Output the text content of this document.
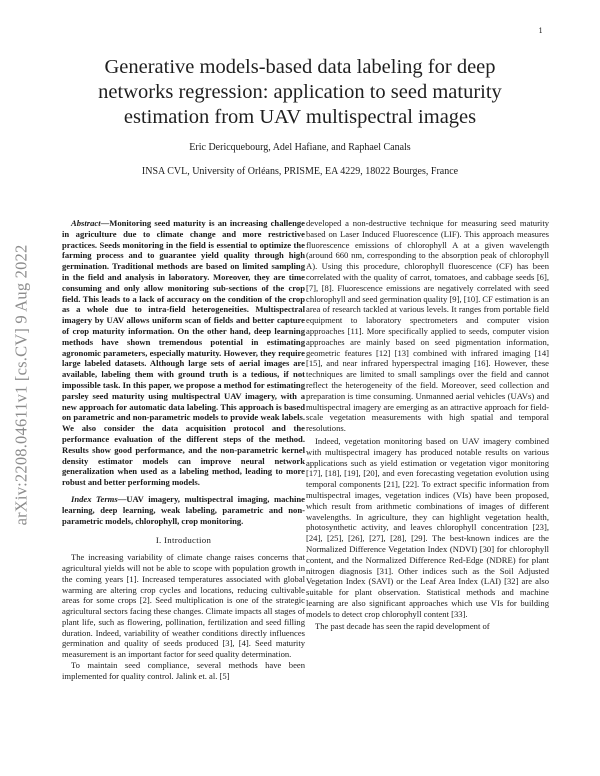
1
arXiv:2208.04611v1 [cs.CV] 9 Aug 2022
Generative models-based data labeling for deep
networks regression: application to seed maturity
estimation from UAV multispectral images
Eric Dericquebourg, Adel Hafiane, and Raphael Canals
INSA CVL, University of Orléans, PRISME, EA 4229, 18022 Bourges, France

Abstract—Monitoring seed maturity is an increasing challenge in agriculture due to climate change and more restrictive practices. Seeds monitoring in the field is essential to optimize the farming process and to guarantee yield quality through high germination. Traditional methods are based on limited sampling in the field and analysis in laboratory. Moreover, they are time consuming and only allow monitoring sub-sections of the crop field. This leads to a lack of accuracy on the condition of the crop as a whole due to intra-field heterogeneities. Multispectral imagery by UAV allows uniform scan of fields and better capture of crop maturity information. On the other hand, deep learning methods have shown tremendous potential in estimating agronomic parameters, especially maturity. However, they require large labeled datasets. Although large sets of aerial images are available, labeling them with ground truth is a tedious, if not impossible task. In this paper, we propose a method for estimating parsley seed maturity using multispectral UAV imagery, with a new approach for automatic data labeling. This approach is based on parametric and non-parametric models to provide weak labels. We also consider the data acquisition protocol and the performance evaluation of the different steps of the method. Results show good performance, and the non-parametric kernel density estimator models can improve neural network generalization when used as a labeling method, leading to more robust and better performing models.

Index Terms—UAV imagery, multispectral imaging, machine learning, deep learning, weak labeling, parametric and non-parametric models, chlorophyll, crop monitoring.

I. Introduction

The increasing variability of climate change raises concerns that agricultural yields will not be able to scope with population growth in the coming years [1]. Increased temperatures associated with global warming are altering crop cycles and locations, reducing cultivable areas for some crops [2]. Seed multiplication is one of the strategic agricultural sectors facing these changes. Climate impacts all stages of plant life, such as flowering, pollination, fertilization and seed filling duration. Indeed, variability of weather conditions directly influences germination and quality of seeds produced [3], [4]. Seed maturity measurement is an important factor for seed quality determination.

To maintain seed compliance, several methods have been implemented for quality control. Jalink et. al. [5]

developed a non-destructive technique for measuring seed maturity based on Laser Induced Fluorescence (LIF). This approach measures fluorescence emissions of chlorophyll A at a given wavelength (around 660 nm, corresponding to the absorption peak of chlorophyll A). Using this procedure, chlorophyll fluorescence (CF) has been correlated with the quality of carrot, tomatoes, and cabbage seeds [6], [7], [8]. Fluorescence emissions are negatively correlated with seed chlorophyll and seed germination quality [9], [10]. CF estimation is an area of research tackled at various levels. It ranges from portable field equipment to laboratory spectrometers and computer vision approaches [11]. More specifically applied to seeds, computer vision approaches are mainly based on seed pigmentation information, geometric features [12] [13] combined with infrared imaging [14] [15], and near infrared hyperspectral imaging [16]. However, these techniques are limited to small samplings over the field and cannot reflect the heterogeneity of the field. Moreover, seed collection and preparation is time consuming. Unmanned aerial vehicles (UAVs) and multispectral imagery are emerging as an attractive approach for field-scale vegetation measurements with high spatial and temporal resolutions.

Indeed, vegetation monitoring based on UAV imagery combined with multispectral imagery has produced notable results on various applications such as yield estimation or vegetation vigor monitoring [17], [18], [19], [20], and even forecasting vegetation evolution using temporal components [21], [22]. To extract specific information from multispectral images, vegetation indices (VIs) have been proposed, which result from arithmetic combinations of images of different wavelengths. In agriculture, they can highlight vegetation health, photosynthetic activity, and leaves chlorophyll concentration [23], [24], [25], [26], [27], [28], [29]. The best-known indices are the Normalized Difference Vegetation Index (NDVI) [30] for chlorophyll content, and the Normalized Difference Red-Edge (NDRE) for plant nitrogen diagnosis [31]. Other indices such as the Soil Adjusted Vegetation Index (SAVI) or the Leaf Area Index (LAI) [32] are also suitable for plant observation. Statistical methods and machine learning are also significant approaches which use VIs for building models to detect crop chlorophyll content [33].

The past decade has seen the rapid development of
